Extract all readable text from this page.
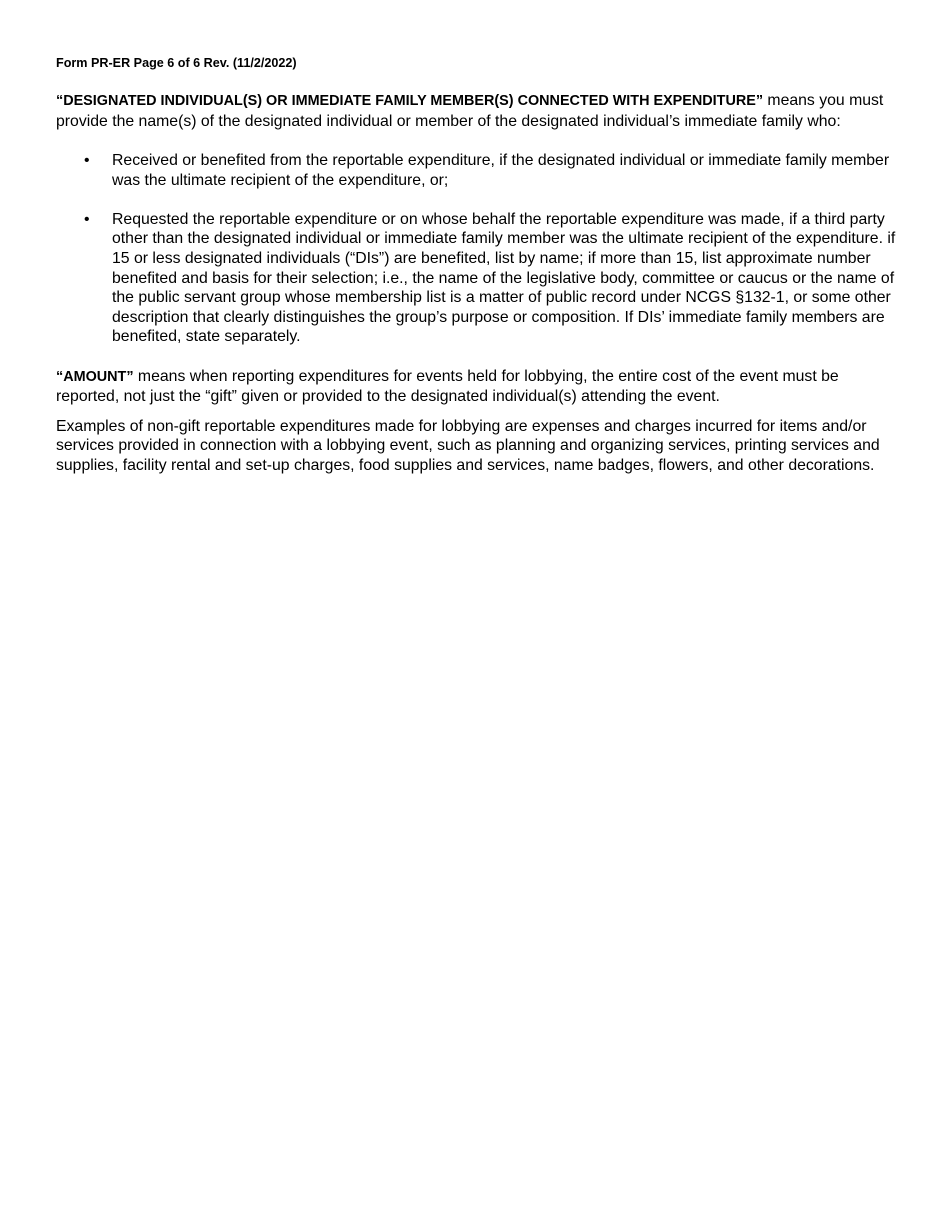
Form PR-ER Page 6 of 6 Rev. (11/2/2022)

“DESIGNATED INDIVIDUAL(S) OR IMMEDIATE FAMILY MEMBER(S) CONNECTED WITH EXPENDITURE” means you must provide the name(s) of the designated individual or member of the designated individual’s immediate family who:

• Received or benefited from the reportable expenditure, if the designated individual or immediate family member was the ultimate recipient of the expenditure, or;
• Requested the reportable expenditure or on whose behalf the reportable expenditure was made, if a third party other than the designated individual or immediate family member was the ultimate recipient of the expenditure. if 15 or less designated individuals (“DIs”) are benefited, list by name; if more than 15, list approximate number benefited and basis for their selection; i.e., the name of the legislative body, committee or caucus or the name of the public servant group whose membership list is a matter of public record under NCGS §132-1, or some other description that clearly distinguishes the group’s purpose or composition. If DIs’ immediate family members are benefited, state separately.

“AMOUNT” means when reporting expenditures for events held for lobbying, the entire cost of the event must be reported, not just the “gift” given or provided to the designated individual(s) attending the event.

Examples of non-gift reportable expenditures made for lobbying are expenses and charges incurred for items and/or services provided in connection with a lobbying event, such as planning and organizing services, printing services and supplies, facility rental and set-up charges, food supplies and services, name badges, flowers, and other decorations.
